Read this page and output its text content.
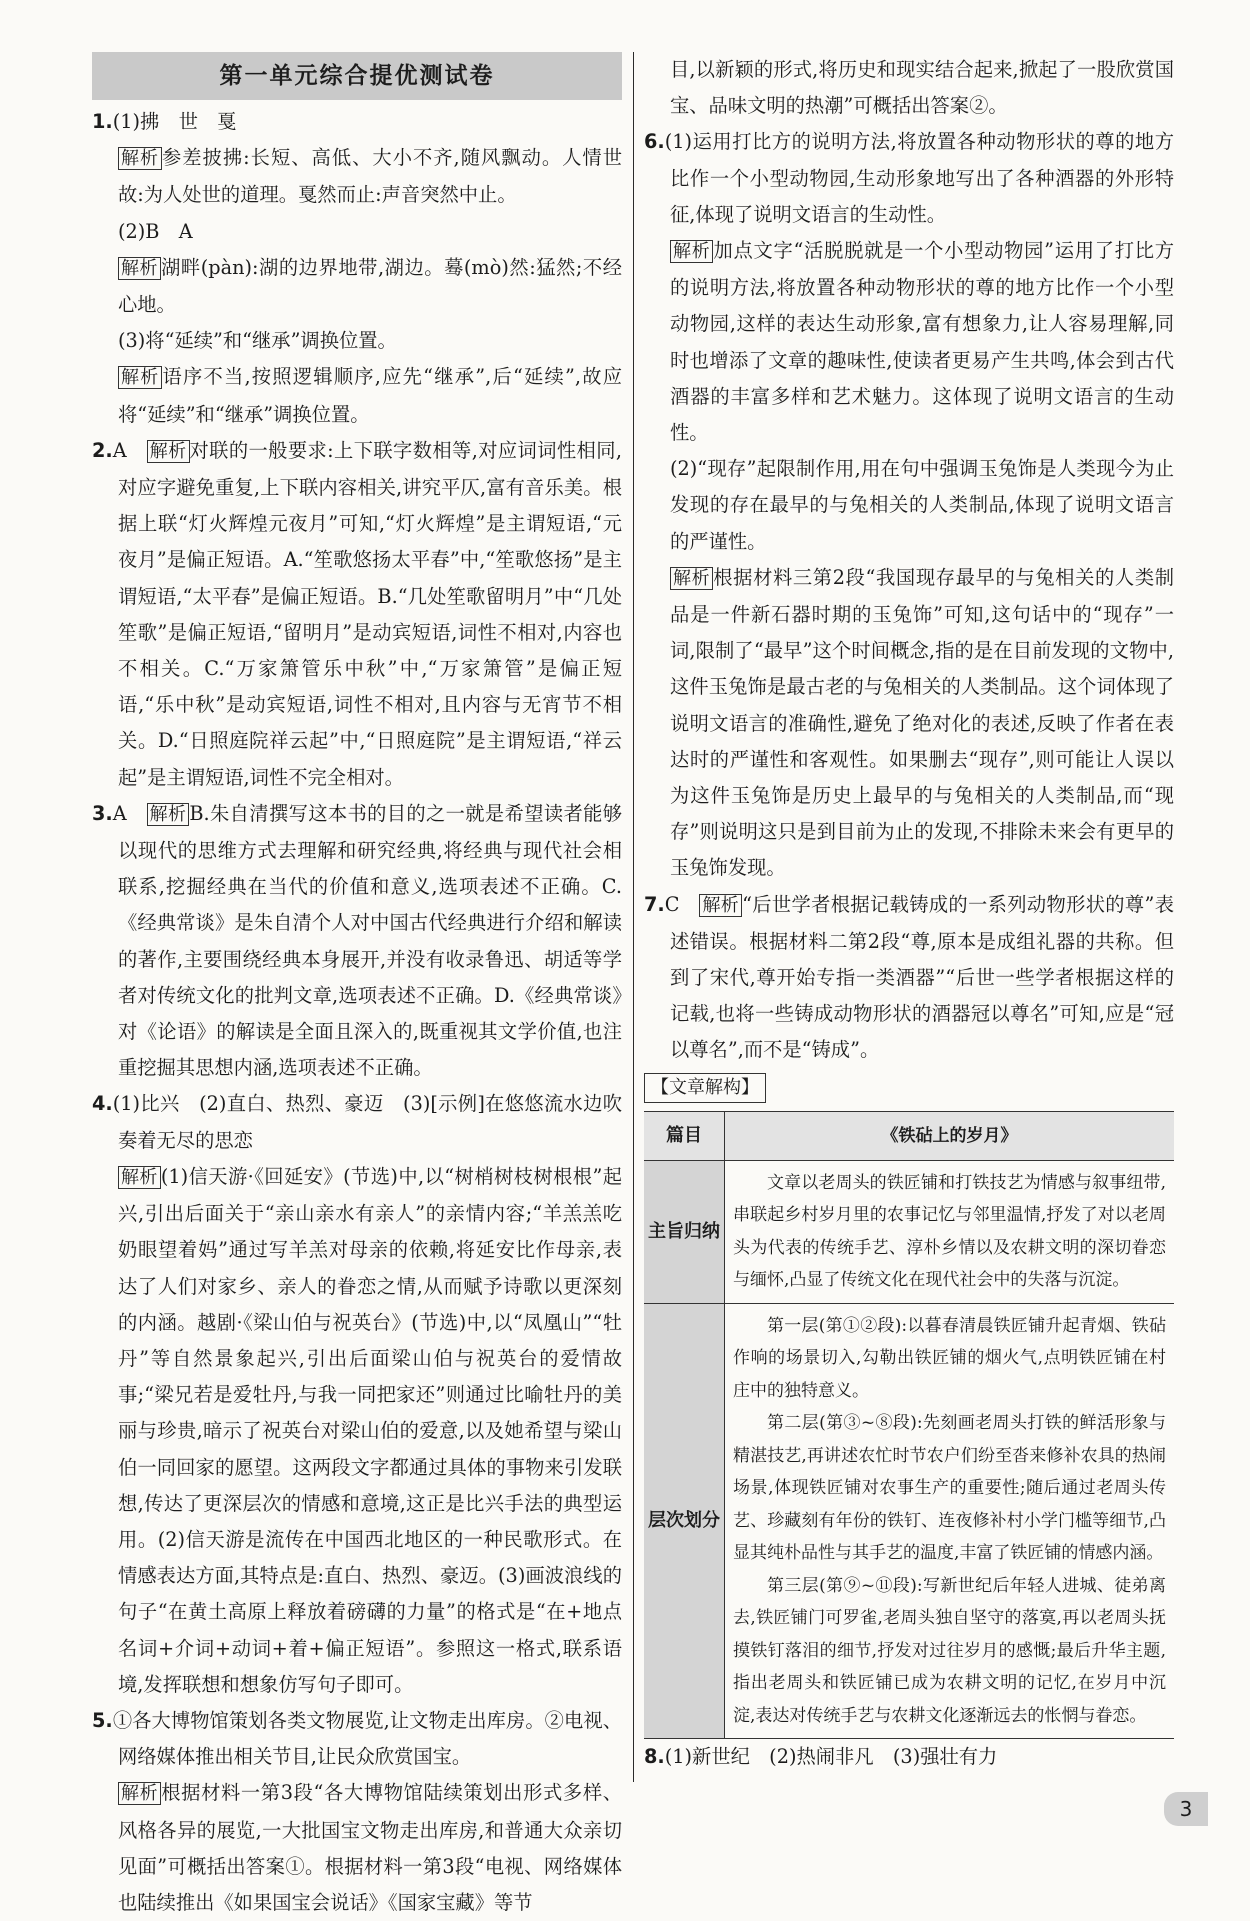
第一单元综合提优测试卷

1.(1)拂　世　戛

解析 参差披拂:长短、高低、大小不齐,随风飘动。人情世故:为人处世的道理。戛然而止:声音突然中止。

(2)B　A　

解析 湖畔(pàn):湖的边界地带,湖边。蓦(mò)然:猛然;不经心地。

(3)将“延续”和“继承”调换位置。

解析 语序不当,按照逻辑顺序,应先“继承”,后“延续”,故应将“延续”和“继承”调换位置。

2.A　解析 对联的一般要求:上下联字数相等,对应词词性相同,对应字避免重复,上下联内容相关,讲究平仄,富有音乐美。根据上联“灯火辉煌元夜月”可知,“灯火辉煌”是主谓短语,“元夜月”是偏正短语。A.“笙歌悠扬太平春”中,“笙歌悠扬”是主谓短语,“太平春”是偏正短语。B.“几处笙歌留明月”中“几处笙歌”是偏正短语,“留明月”是动宾短语,词性不相对,内容也不相关。C.“万家箫管乐中秋”中,“万家箫管”是偏正短语,“乐中秋”是动宾短语,词性不相对,且内容与无宵节不相关。D.“日照庭院祥云起”中,“日照庭院”是主谓短语,“祥云起”是主谓短语,词性不完全相对。

3.A　解析 B.朱自清撰写这本书的目的之一就是希望读者能够以现代的思维方式去理解和研究经典,将经典与现代社会相联系,挖掘经典在当代的价值和意义,选项表述不正确。C.《经典常谈》是朱自清个人对中国古代经典进行介绍和解读的著作,主要围绕经典本身展开,并没有收录鲁迅、胡适等学者对传统文化的批判文章,选项表述不正确。D.《经典常谈》对《论语》的解读是全面且深入的,既重视其文学价值,也注重挖掘其思想内涵,选项表述不正确。

4.(1)比兴　(2)直白、热烈、豪迈　(3)[示例]在悠悠流水边吹奏着无尽的思恋

解析 (1)信天游·《回延安》(节选)中,以“树梢树枝树根根”起兴,引出后面关于“亲山亲水有亲人”的亲情内容;“羊羔羔吃奶眼望着妈”通过写羊羔对母亲的依赖,将延安比作母亲,表达了人们对家乡、亲人的眷恋之情,从而赋予诗歌以更深刻的内涵。越剧·《梁山伯与祝英台》(节选)中,以“凤凰山”“牡丹”等自然景象起兴,引出后面梁山伯与祝英台的爱情故事;“梁兄若是爱牡丹,与我一同把家还”则通过比喻牡丹的美丽与珍贵,暗示了祝英台对梁山伯的爱意,以及她希望与梁山伯一同回家的愿望。这两段文字都通过具体的事物来引发联想,传达了更深层次的情感和意境,这正是比兴手法的典型运用。(2)信天游是流传在中国西北地区的一种民歌形式。在情感表达方面,其特点是:直白、热烈、豪迈。(3)画波浪线的句子“在黄土高原上释放着磅礴的力量”的格式是“在+地点名词+介词+动词+着+偏正短语”。参照这一格式,联系语境,发挥联想和想象仿写句子即可。

5.①各大博物馆策划各类文物展览,让文物走出库房。②电视、网络媒体推出相关节目,让民众欣赏国宝。

解析 根据材料一第3段“各大博物馆陆续策划出形式多样、风格各异的展览,一大批国宝文物走出库房,和普通大众亲切见面”可概括出答案①。根据材料一第3段“电视、网络媒体也陆续推出《如果国宝会说话》《国家宝藏》等节

目,以新颖的形式,将历史和现实结合起来,掀起了一股欣赏国宝、品味文明的热潮”可概括出答案②。

6.(1)运用打比方的说明方法,将放置各种动物形状的尊的地方比作一个小型动物园,生动形象地写出了各种酒器的外形特征,体现了说明文语言的生动性。

解析 加点文字“活脱脱就是一个小型动物园”运用了打比方的说明方法,将放置各种动物形状的尊的地方比作一个小型动物园,这样的表达生动形象,富有想象力,让人容易理解,同时也增添了文章的趣味性,使读者更易产生共鸣,体会到古代酒器的丰富多样和艺术魅力。这体现了说明文语言的生动性。

(2)“现存”起限制作用,用在句中强调玉兔饰是人类现今为止发现的存在最早的与兔相关的人类制品,体现了说明文语言的严谨性。

解析 根据材料三第2段“我国现存最早的与兔相关的人类制品是一件新石器时期的玉兔饰”可知,这句话中的“现存”一词,限制了“最早”这个时间概念,指的是在目前发现的文物中,这件玉兔饰是最古老的与兔相关的人类制品。这个词体现了说明文语言的准确性,避免了绝对化的表述,反映了作者在表达时的严谨性和客观性。如果删去“现存”,则可能让人误以为这件玉兔饰是历史上最早的与兔相关的人类制品,而“现存”则说明这只是到目前为止的发现,不排除未来会有更早的玉兔饰发现。

7.C　解析 “后世学者根据记载铸成的一系列动物形状的尊”表述错误。根据材料二第2段“尊,原本是成组礼器的共称。但到了宋代,尊开始专指一类酒器”“后世一些学者根据这样的记载,也将一些铸成动物形状的酒器冠以尊名”可知,应是“冠以尊名”,而不是“铸成”。

【文章解构】
篇目	《铁砧上的岁月》
主旨归纳	文章以老周头的铁匠铺和打铁技艺为情感与叙事纽带,串联起乡村岁月里的农事记忆与邻里温情,抒发了对以老周头为代表的传统手艺、淳朴乡情以及农耕文明的深切眷恋与缅怀,凸显了传统文化在现代社会中的失落与沉淀。

层次划分	第一层(第①②段):以暮春清晨铁匠铺升起青烟、铁砧作响的场景切入,勾勒出铁匠铺的烟火气,点明铁匠铺在村庄中的独特意义。

第二层(第③~⑧段):先刻画老周头打铁的鲜活形象与精湛技艺,再讲述农忙时节农户们纷至沓来修补农具的热闹场景,体现铁匠铺对农事生产的重要性;随后通过老周头传艺、珍藏刻有年份的铁钉、连夜修补村小学门槛等细节,凸显其纯朴品性与其手艺的温度,丰富了铁匠铺的情感内涵。

第三层(第⑨~⑪段):写新世纪后年轻人进城、徒弟离去,铁匠铺门可罗雀,老周头独自坚守的落寞,再以老周头抚摸铁钉落泪的细节,抒发对过往岁月的感慨;最后升华主题,指出老周头和铁匠铺已成为农耕文明的记忆,在岁月中沉淀,表达对传统手艺与农耕文化逐渐远去的怅惘与眷恋。

8.(1)新世纪　(2)热闹非凡　(3)强壮有力

3
